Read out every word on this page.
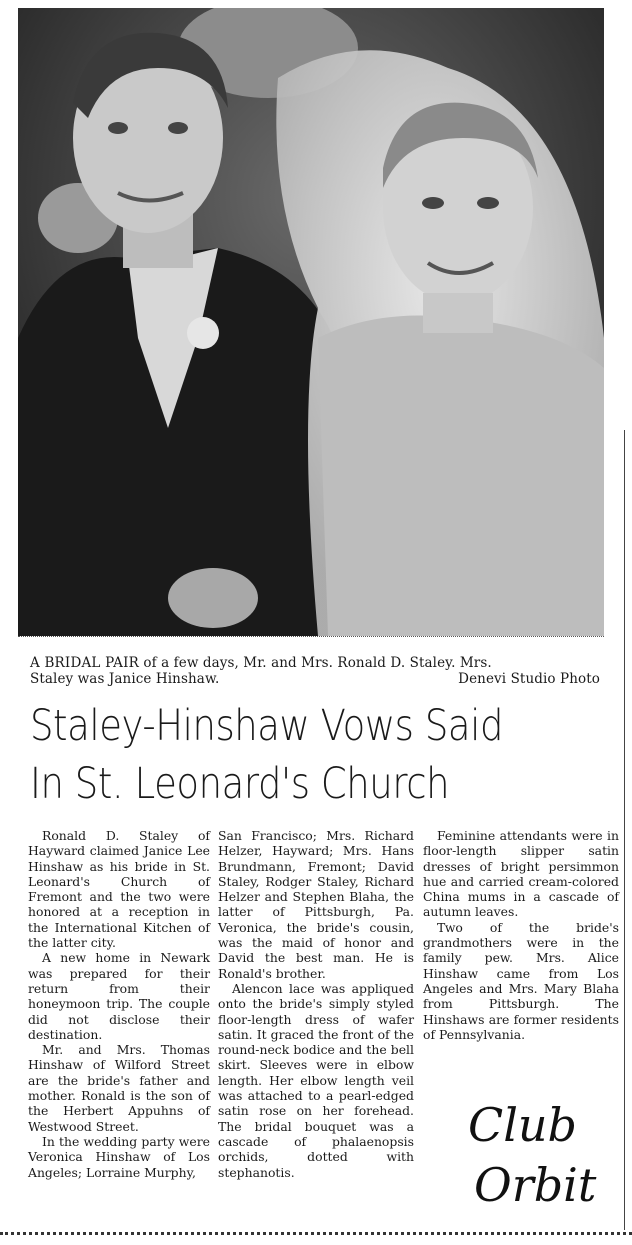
A BRIDAL PAIR of a few days, Mr. and Mrs. Ronald D. Staley. Mrs.
Staley was Janice Hinshaw.	Denevi Studio Photo
Staley-Hinshaw Vows Said
In St. Leonard's Church

Ronald D. Staley of Hayward claimed Janice Lee Hinshaw as his bride in St. Leonard's Church of Fremont and the two were honored at a reception in the International Kitchen of the latter city.

A new home in Newark was prepared for their return from their honeymoon trip. The couple did not disclose their destination.

Mr. and Mrs. Thomas Hinshaw of Wilford Street are the bride's father and mother. Ronald is the son of the Herbert Appuhns of Westwood Street.

In the wedding party were Veronica Hinshaw of Los Angeles; Lorraine Murphy,

San Francisco; Mrs. Richard Helzer, Hayward; Mrs. Hans Brundmann, Fremont; David Staley, Rodger Staley, Richard Helzer and Stephen Blaha, the latter of Pittsburgh, Pa. Veronica, the bride's cousin, was the maid of honor and David the best man. He is Ronald's brother.

Alencon lace was appliqued onto the bride's simply styled floor-length dress of wafer satin. It graced the front of the round-neck bodice and the bell skirt. Sleeves were in elbow length. Her elbow length veil was attached to a pearl-edged satin rose on her forehead. The bridal bouquet was a cascade of phalaenopsis orchids, dotted with stephanotis.

Feminine attendants were in floor-length slipper satin dresses of bright persimmon hue and carried cream-colored China mums in a cascade of autumn leaves.

Two of the bride's grandmothers were in the family pew. Mrs. Alice Hinshaw came from Los Angeles and Mrs. Mary Blaha from Pittsburgh. The Hinshaws are former residents of Pennsylvania.

Club
Orbit
